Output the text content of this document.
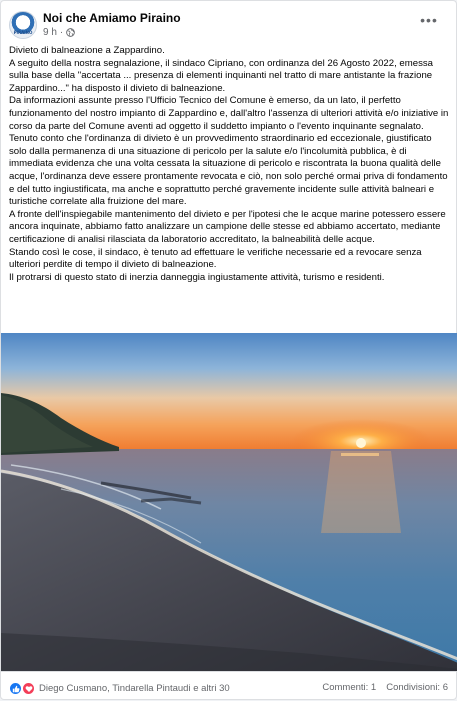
PIRAINO
Noi che Amiamo Piraino
9 h ·
•••

Divieto di balneazione a Zappardino.

A seguito della nostra segnalazione, il sindaco Cipriano, con ordinanza del 26 Agosto 2022, emessa sulla base della "accertata ... presenza di elementi inquinanti nel tratto di mare antistante la frazione Zappardino..." ha disposto il divieto di balneazione.

Da informazioni assunte presso l'Ufficio Tecnico del Comune è emerso, da un lato, il perfetto funzionamento del nostro impianto di Zappardino e, dall'altro l'assenza di ulteriori attività e/o iniziative in corso da parte del Comune aventi ad oggetto il suddetto impianto o l'evento inquinante segnalato.

Tenuto conto che l'ordinanza di divieto è un provvedimento straordinario ed eccezionale, giustificato solo dalla permanenza di una situazione di pericolo per la salute e/o l'incolumità pubblica, è di immediata evidenza che una volta cessata la situazione di pericolo e riscontrata la buona qualità delle acque, l'ordinanza deve essere prontamente revocata e ciò, non solo perché ormai priva di fondamento e del tutto ingiustificata, ma anche e soprattutto perché gravemente incidente sulle attività balneari e turistiche correlate alla fruizione del mare.

A fronte dell'inspiegabile mantenimento del divieto e per l'ipotesi che le acque marine potessero essere ancora inquinate, abbiamo fatto analizzare un campione delle stesse ed abbiamo accertato, mediante certificazione di analisi rilasciata da laboratorio accreditato, la balneabilità delle acque.

Stando così le cose, il sindaco, è tenuto ad effettuare le verifiche necessarie ed a revocare senza ulteriori perdite di tempo il divieto di balneazione.

Il protrarsi di questo stato di inerzia danneggia ingiustamente attività, turismo e residenti.

Diego Cusmano, Tindarella Pintaudi e altri 30	Commenti: 1 Condivisioni: 6
